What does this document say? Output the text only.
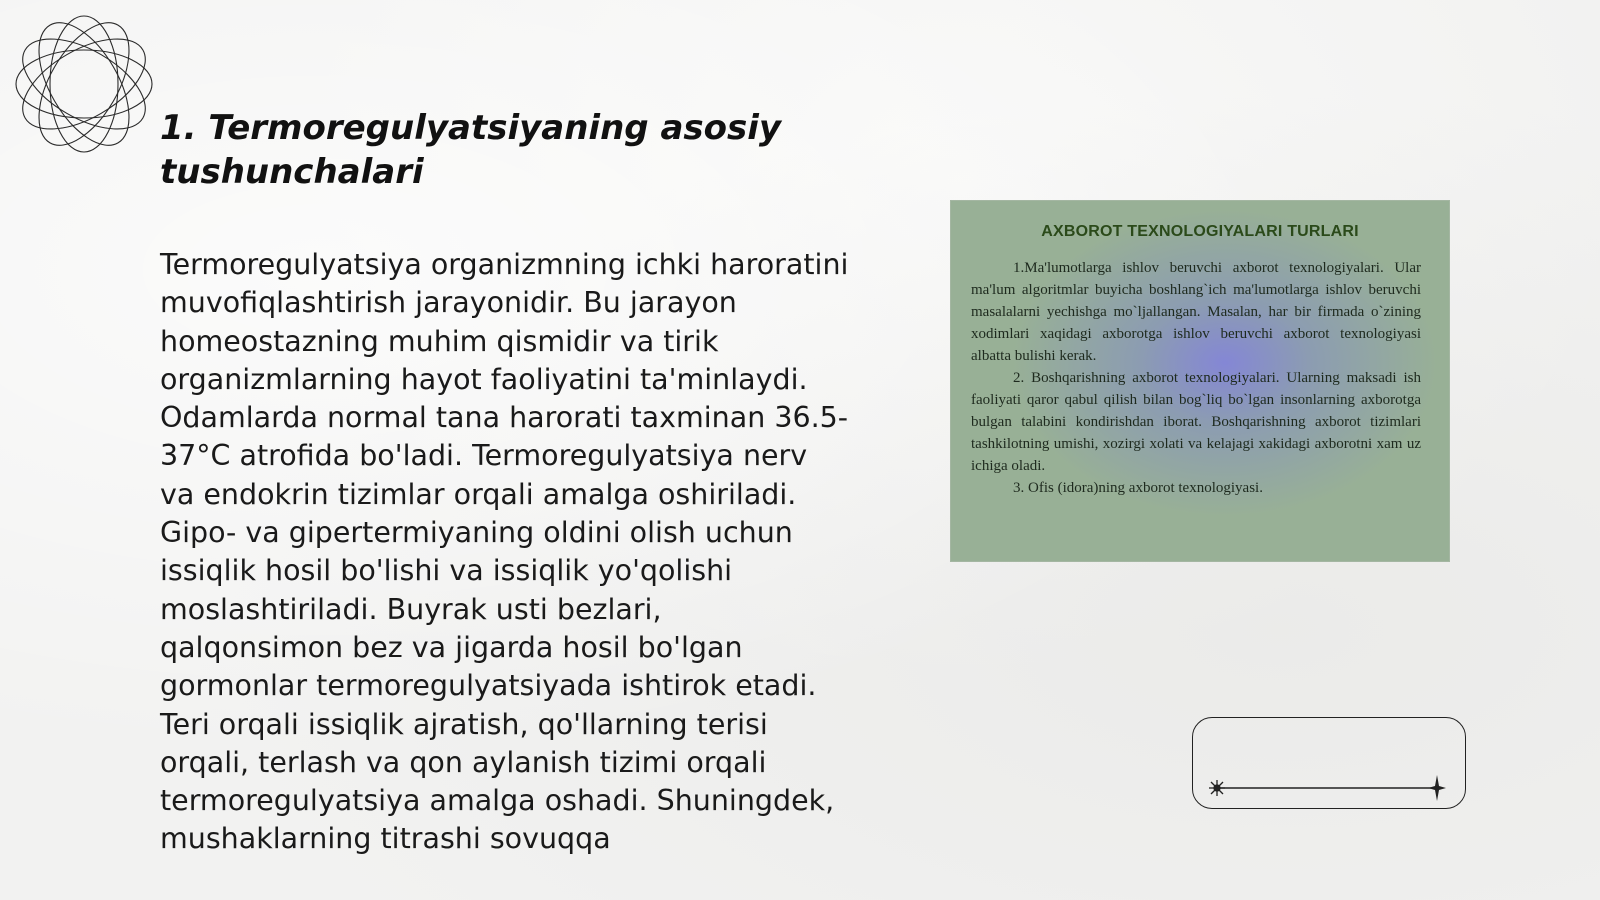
1. Termoregulyatsiyaning asosiy tushunchalari
Termoregulyatsiya organizmning ichki haroratini muvofiqlashtirish jarayonidir. Bu jarayon homeostazning muhim qismidir va tirik organizmlarning hayot faoliyatini ta'minlaydi. Odamlarda normal tana harorati taxminan 36.5-37°C atrofida bo'ladi. Termoregulyatsiya nerv va endokrin tizimlar orqali amalga oshiriladi. Gipo- va gipertermiyaning oldini olish uchun issiqlik hosil bo'lishi va issiqlik yo'qolishi moslashtiriladi. Buyrak usti bezlari, qalqonsimon bez va jigarda hosil bo'lgan gormonlar termoregulyatsiyada ishtirok etadi. Teri orqali issiqlik ajratish, qo'llarning terisi orqali, terlash va qon aylanish tizimi orqali termoregulyatsiya amalga oshadi. Shuningdek, mushaklarning titrashi sovuqqa
AXBOROT TEXNOLOGIYALARI TURLARI

1.Ma'lumotlarga ishlov beruvchi axborot texnologiyalari. Ular ma'lum algoritmlar buyicha boshlang`ich ma'lumotlarga ishlov beruvchi masalalarni yechishga mo`ljallangan. Masalan, har bir firmada o`zining xodimlari xaqidagi axborotga ishlov beruvchi axborot texnologiyasi albatta bulishi kerak.

2. Boshqarishning axborot texnologiyalari. Ularning maksadi ish faoliyati qaror qabul qilish bilan bog`liq bo`lgan insonlarning axborotga bulgan talabini kondirishdan iborat. Boshqarishning axborot tizimlari tashkilotning umishi, xozirgi xolati va kelajagi xakidagi axborotni xam uz ichiga oladi.

3. Ofis (idora)ning axborot texnologiyasi.
